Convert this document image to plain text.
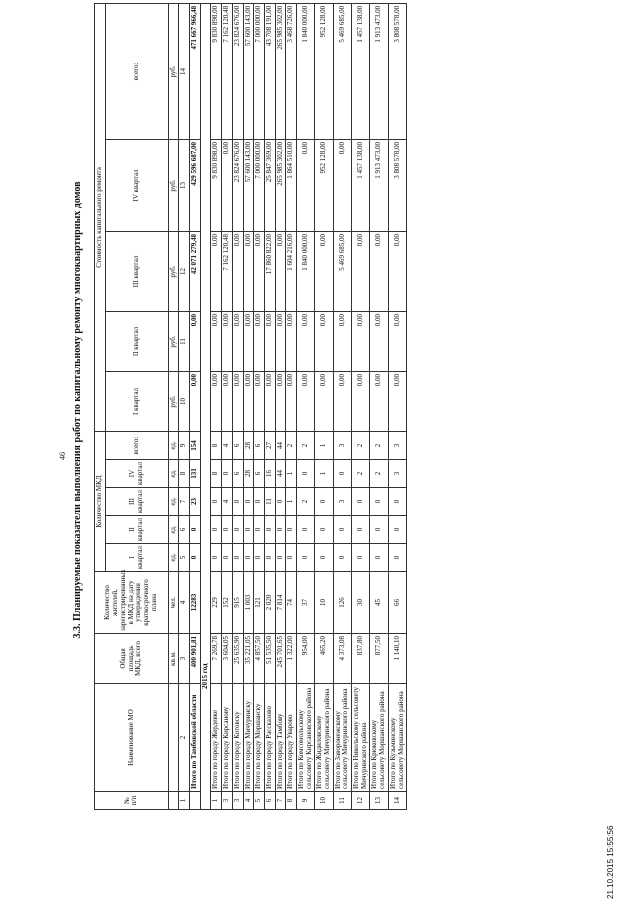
46 3.3. Планируемые показатели выполнения работ по капитальному ремонту многоквартирных домов
№ п/п	Наименование МО	Общая площадь МКД, всего	Количество жителей, зарегистрированных в МКД на дату утверждения краткосрочного плана	Количество МКД					Стоимость капитального ремонта				
				I квартал	II квартал	III квартал	IV квартал	всего:	I квартал	II квартал	III квартал	IV квартал	всего:
		кв.м.	чел.	ед.	ед.	ед.	ед.	ед.	руб.	руб.	руб.	руб.	руб.
1	2	3	4	5	6	7	8	9	10	11	12	13	14
	Итого по Тамбовской области	400 901,81	12283	0	0	23	131	154	0,00	0,00	42 071 279,48	429 596 687,00	471 667 966,48
2015 год													
1	Итого по городу Жердевке	7 269,78	229	0	0	0	8	8	0,00	0,00	0,00	9 830 898,00	9 830 898,00
3	Итого по городу Кирсанову	3 604,05	152	0	0	4	0	4	0,00	0,00	7 162 120,48	0,00	7 162 120,48
3	Итого по городу Котовску	25 635,90	915	0	0	0	6	6	0,00	0,00	0,00	23 824 676,00	23 824 676,00
4	Итого по городу Мичуринску	35 221,05	1 003	0	0	0	28	28	0,00	0,00	0,00	57 600 143,00	57 600 143,00
5	Итого по городу Моршанску	4 857,50	121	0	0	0	6	6	0,00	0,00	0,00	7 000 000,00	7 000 000,00
6	Итого по городу Рассказово	51 535,50	2 020	0	0	11	16	27	0,00	0,00	17 860 822,00	25 847 369,00	43 708 191,00
7	Итого по городу Тамбову	245 701,65	7 814	0	0	0	44	44	0,00	0,00	0,00	265 985 302,00	265 985 302,00
8	Итого по городу Уварово	1 322,00	74	0	0	1	1	2	0,00	0,00	1 604 216,00	1 864 510,00	3 468 726,00
9	Итого по Комсомольскому сельсовету Кирсановского района	954,00	37	0	0	2	0	2	0,00	0,00	1 840 000,00	0,00	1 840 000,00
10	Итого по Жидиловскому сельсовету Мичуринского района	465,20	10	0	0	0	1	1	0,00	0,00	0,00	952 128,00	952 128,00
11	Итого по Заворонежскому сельсовету Мичуринского района	4 373,08	126	0	0	3	0	3	0,00	0,00	5 469 685,00	0,00	5 469 685,00
12	Итого по Никольскому сельсовету Мичуринского района	837,80	30	0	0	0	2	2	0,00	0,00	0,00	1 457 138,00	1 457 138,00
13	Итого по Крюковскому сельсовету Моршанского района	877,50	45	0	0	0	2	2	0,00	0,00	0,00	1 913 473,00	1 913 473,00
14	Итого по Кузьминскому сельсовету Моршанского района	1 140,10	66	0	0	0	3	3	0,00	0,00	0,00	3 808 578,00	3 808 578,00
21.10.2015 15:55:56
